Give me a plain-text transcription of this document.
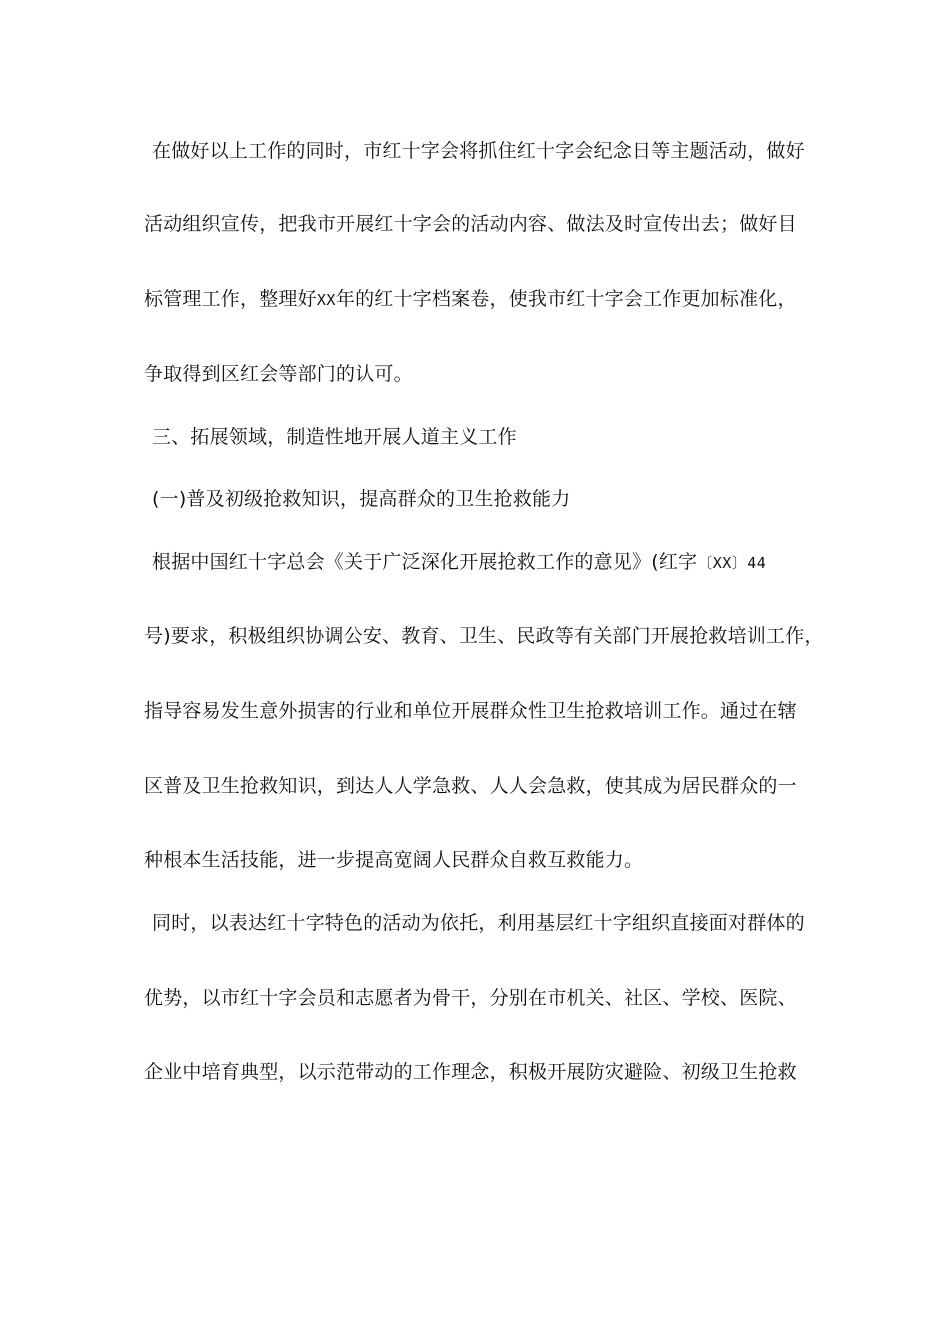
在做好以上工作的同时，市红十字会将抓住红十字会纪念日等主题活动，做好
活动组织宣传，把我市开展红十字会的活动内容、做法及时宣传出去；做好目
标管理工作，整理好XX年的红十字档案卷，使我市红十字会工作更加标准化，
争取得到区红会等部门的认可。
三、拓展领域，制造性地开展人道主义工作
(一)普及初级抢救知识，提高群众的卫生抢救能力
根据中国红十字总会《关于广泛深化开展抢救工作的意见》(红字〔XX〕44
号)要求，积极组织协调公安、教育、卫生、民政等有关部门开展抢救培训工作，
指导容易发生意外损害的行业和单位开展群众性卫生抢救培训工作。通过在辖
区普及卫生抢救知识，到达人人学急救、人人会急救，使其成为居民群众的一
种根本生活技能，进一步提高宽阔人民群众自救互救能力。
同时，以表达红十字特色的活动为依托，利用基层红十字组织直接面对群体的
优势，以市红十字会员和志愿者为骨干，分别在市机关、社区、学校、医院、
企业中培育典型，以示范带动的工作理念，积极开展防灾避险、初级卫生抢救
